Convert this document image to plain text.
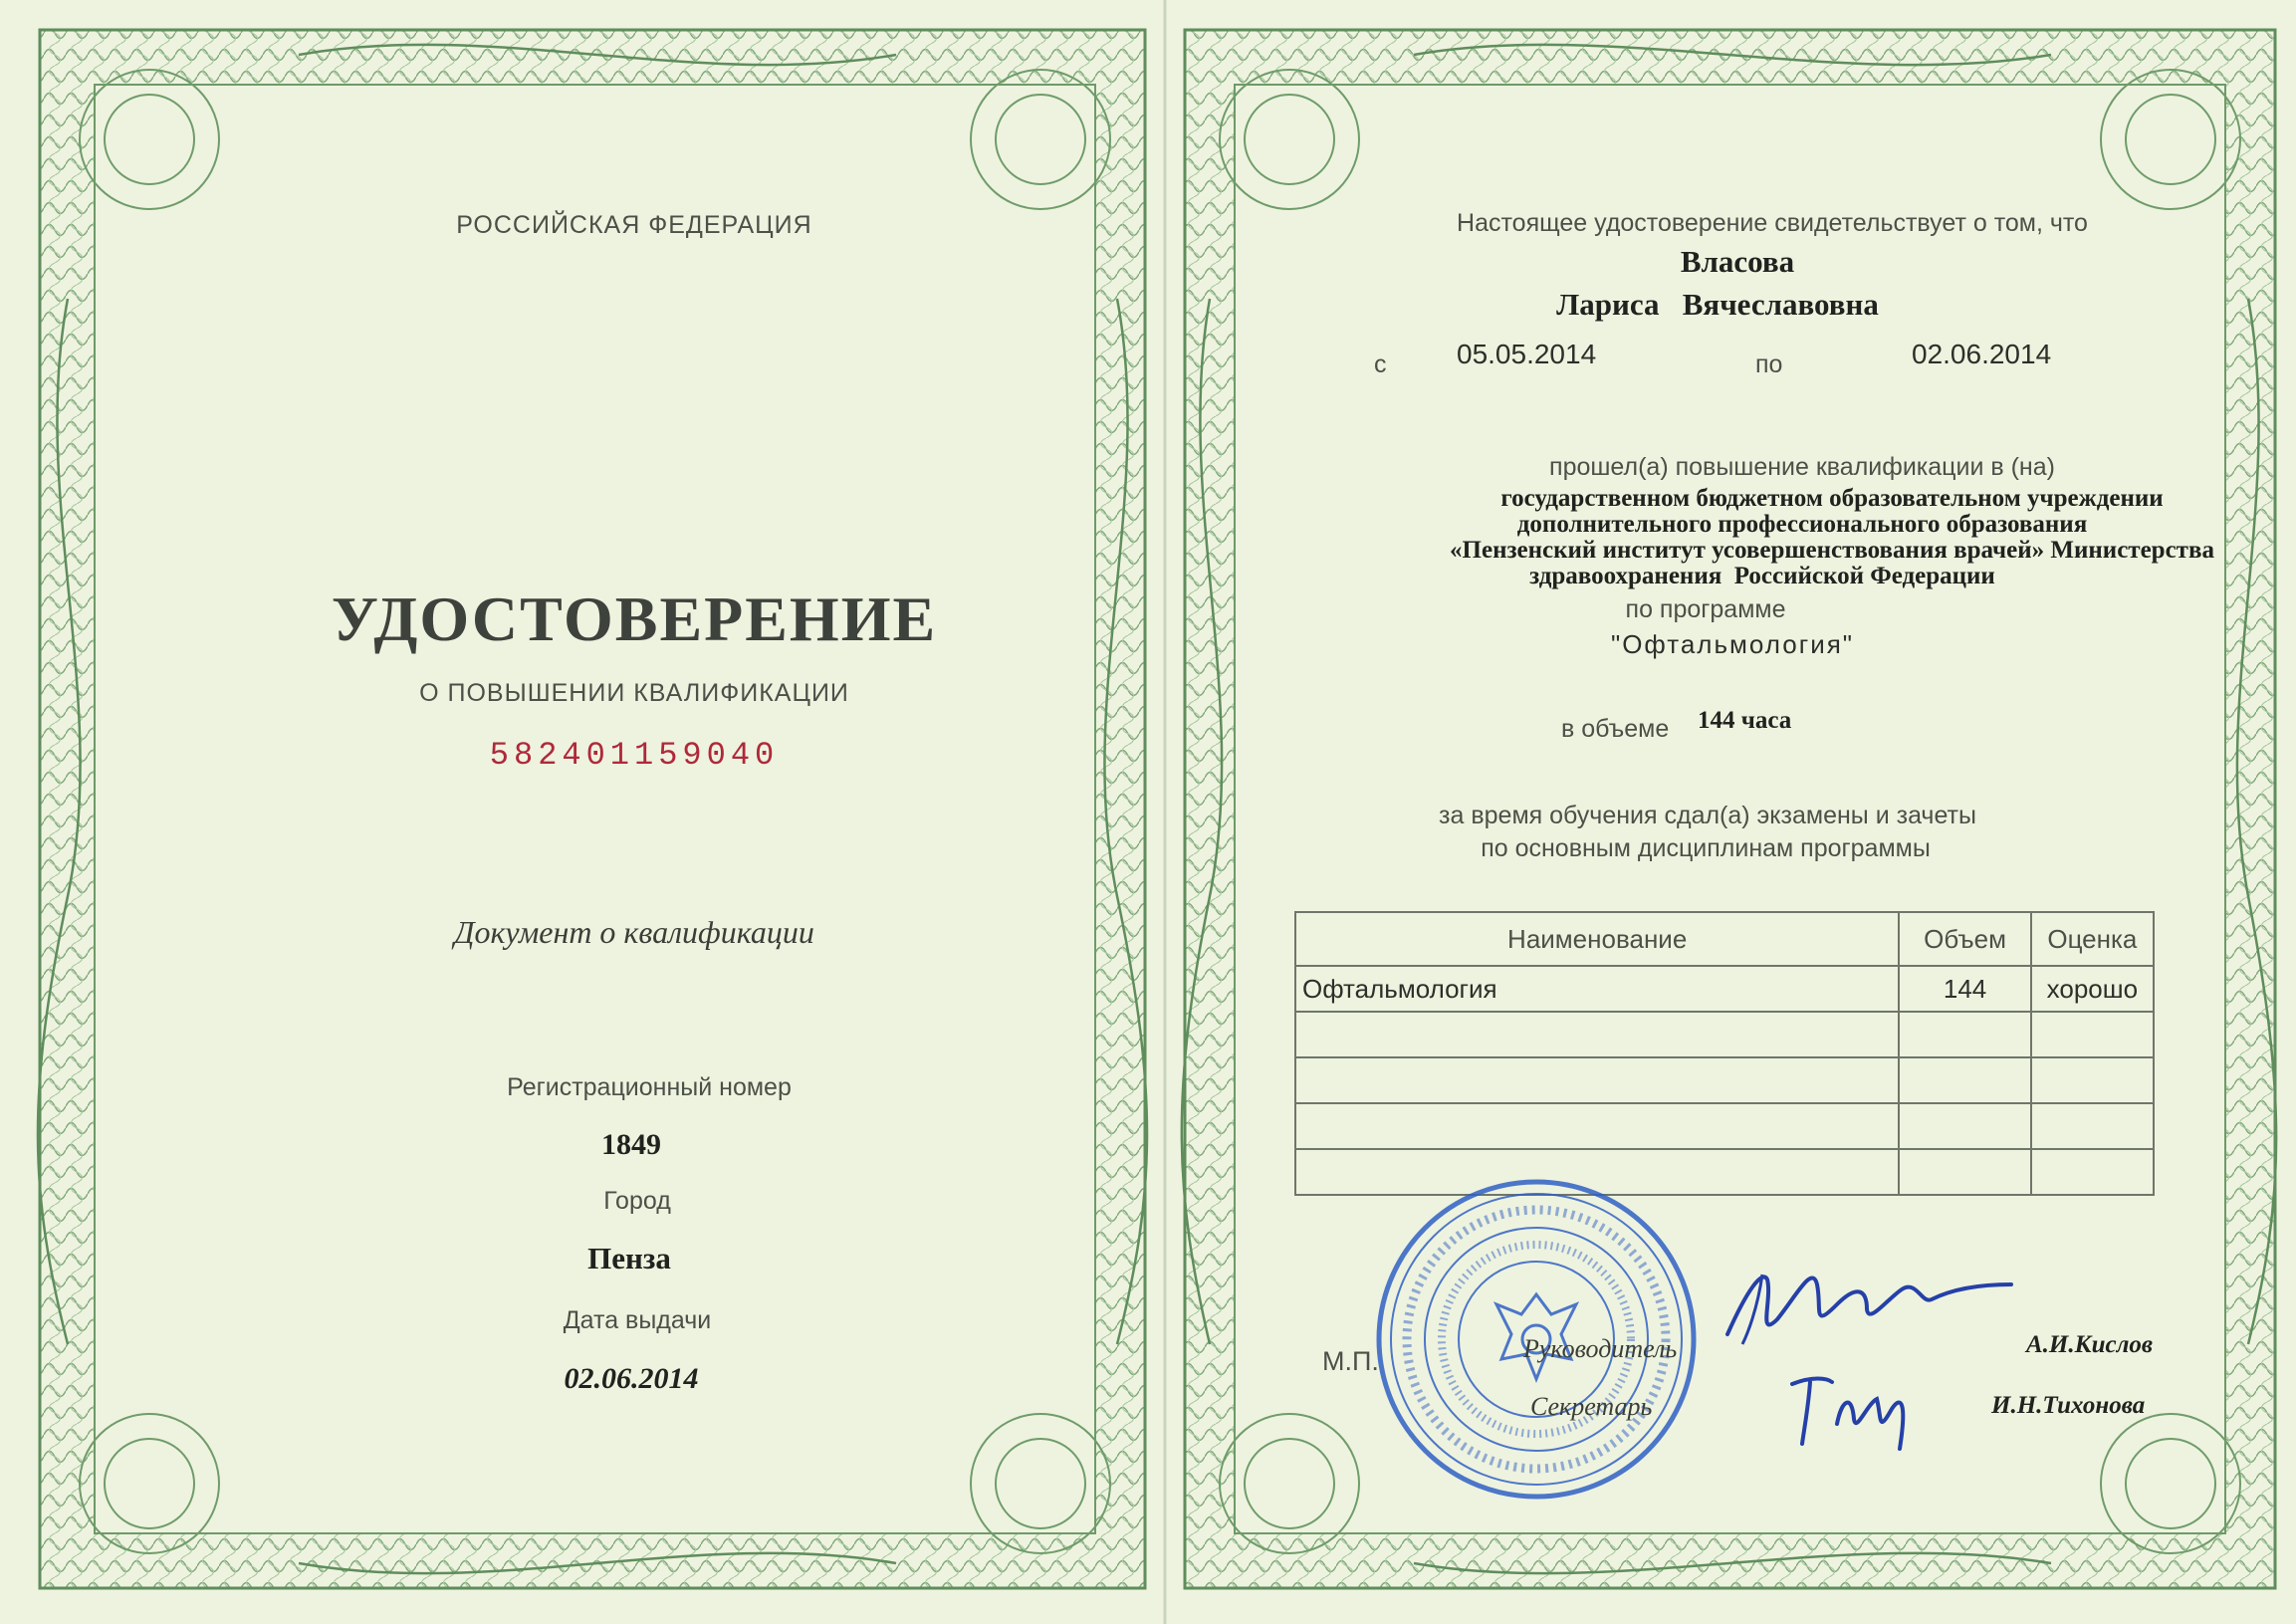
РОССИЙСКАЯ ФЕДЕРАЦИЯ
УДОСТОВЕРЕНИЕ
О ПОВЫШЕНИИ КВАЛИФИКАЦИИ
582401159040
Документ о квалификации
Регистрационный номер
1849
Город
Пенза
Дата выдачи
02.06.2014
Настоящее удостоверение свидетельствует о том, что
Власова
Лариса   Вячеславовна
с	05.05.2014	по	02.06.2014
прошел(а) повышение квалификации в (на)
государственном бюджетном образовательном учреждении
дополнительного профессионального образования
«Пензенский институт усовершенствования врачей» Министерства
здравоохранения  Российской Федерации
по программе
"Офтальмология"
в объеме 144 часа
за время обучения сдал(а) экзамены и зачеты
по основным дисциплинам программы
Наименование	Объем	Оценка
Офтальмология	144	хорошо

М.П.	Руководитель	А.И.Кислов
Секретарь	И.Н.Тихонова
